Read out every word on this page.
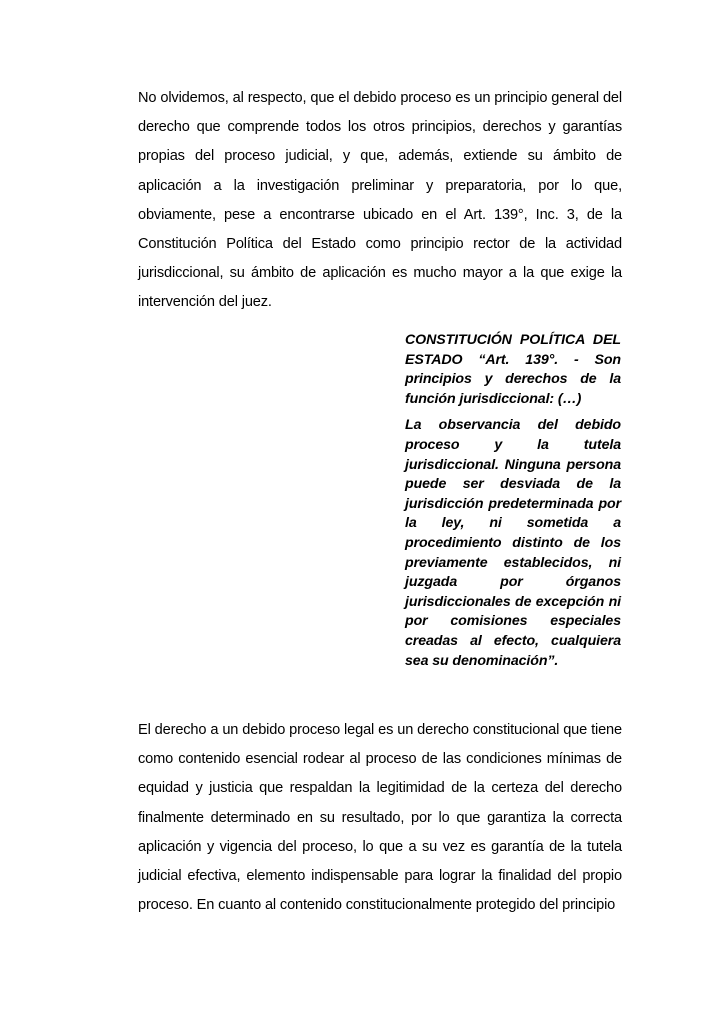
No olvidemos, al respecto, que el debido proceso es un principio general del derecho que comprende todos los otros principios, derechos y garantías propias del proceso judicial, y que, además, extiende su ámbito de aplicación a la investigación preliminar y preparatoria, por lo que, obviamente, pese a encontrarse ubicado en el Art. 139°, Inc. 3, de la Constitución Política del Estado como principio rector de la actividad jurisdiccional, su ámbito de aplicación es mucho mayor a la que exige la intervención del juez.

CONSTITUCIÓN POLÍTICA DEL ESTADO “Art. 139°. - Son principios y derechos de la función jurisdiccional: (…)

La observancia del debido proceso y la tutela jurisdiccional. Ninguna persona puede ser desviada de la jurisdicción predeterminada por la ley, ni sometida a procedimiento distinto de los previamente establecidos, ni juzgada por órganos jurisdiccionales de excepción ni por comisiones especiales creadas al efecto, cualquiera sea su denominación”.

El derecho a un debido proceso legal es un derecho constitucional que tiene como contenido esencial rodear al proceso de las condiciones mínimas de equidad y justicia que respaldan la legitimidad de la certeza del derecho finalmente determinado en su resultado, por lo que garantiza la correcta aplicación y vigencia del proceso, lo que a su vez es garantía de la tutela judicial efectiva, elemento indispensable para lograr la finalidad del propio proceso. En cuanto al contenido constitucionalmente protegido del principio
